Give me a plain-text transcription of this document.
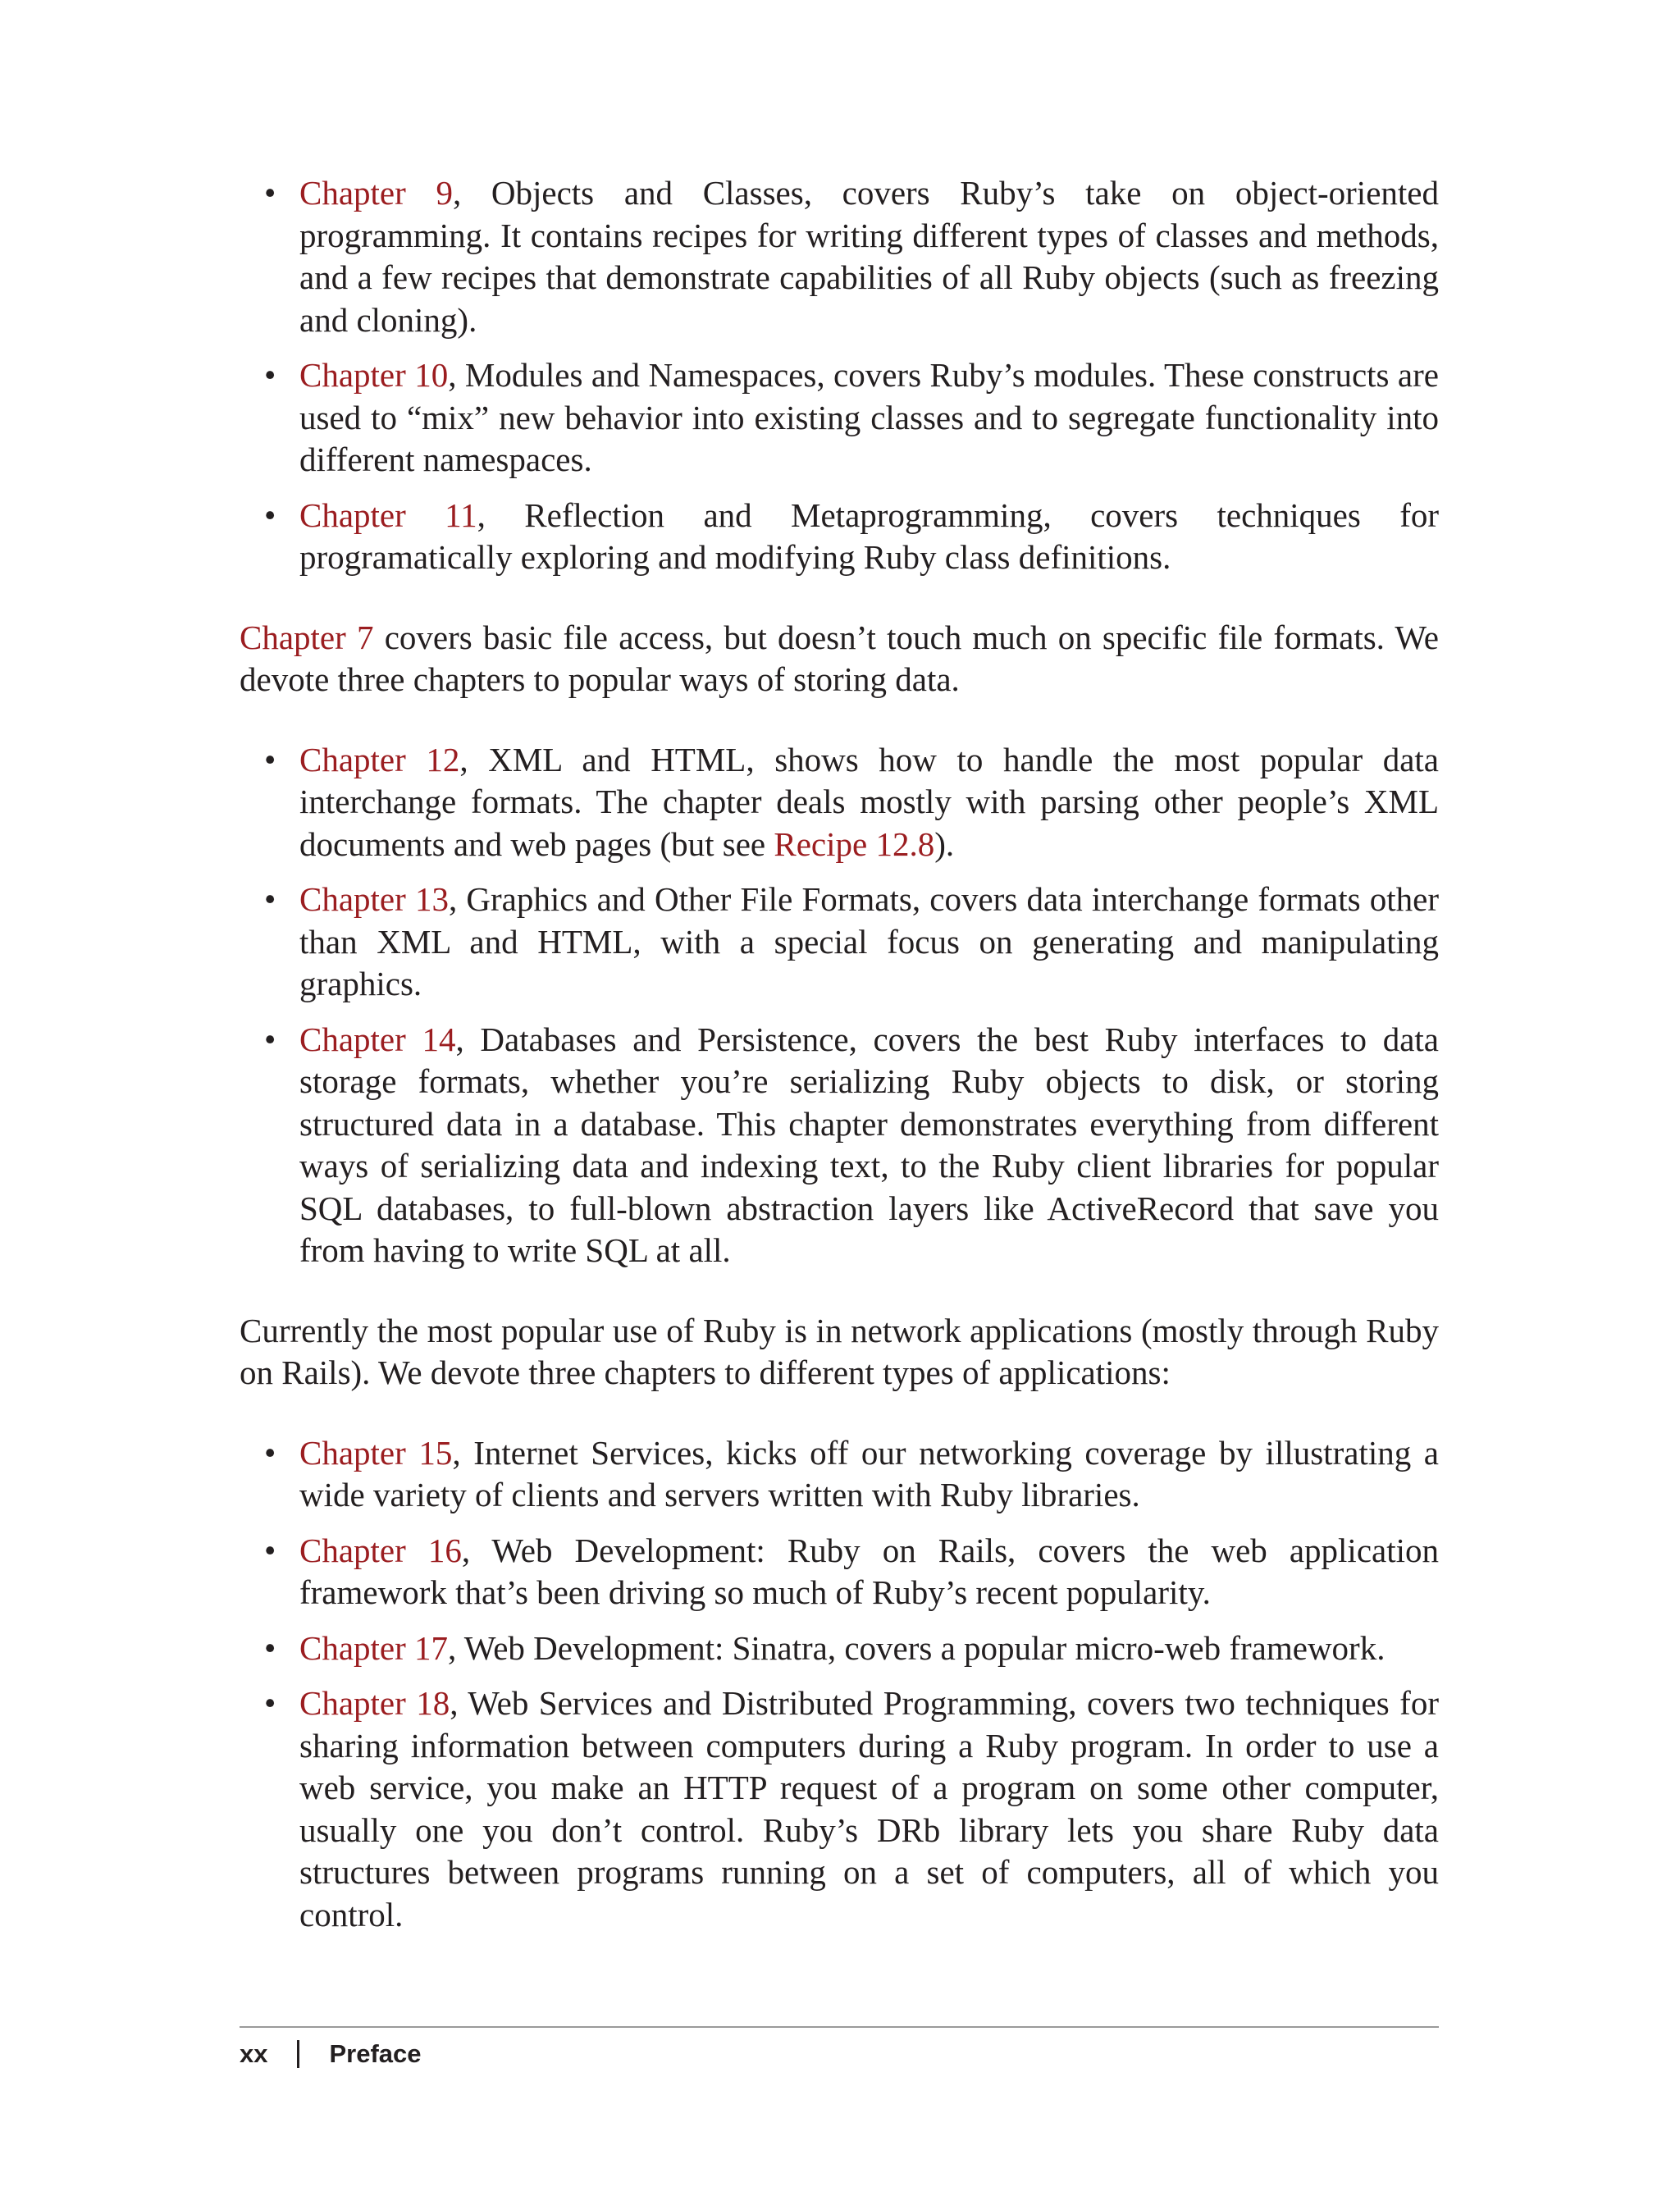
• Chapter 9, Objects and Classes, covers Ruby’s take on object-oriented programming. It contains recipes for writing different types of classes and methods, and a few recipes that demonstrate capabilities of all Ruby objects (such as freezing and cloning).
• Chapter 10, Modules and Namespaces, covers Ruby’s modules. These constructs are used to “mix” new behavior into existing classes and to segregate functionality into different namespaces.
• Chapter 11, Reflection and Metaprogramming, covers techniques for programatically exploring and modifying Ruby class definitions.

Chapter 7 covers basic file access, but doesn’t touch much on specific file formats. We devote three chapters to popular ways of storing data.

• Chapter 12, XML and HTML, shows how to handle the most popular data interchange formats. The chapter deals mostly with parsing other people’s XML documents and web pages (but see Recipe 12.8).
• Chapter 13, Graphics and Other File Formats, covers data interchange formats other than XML and HTML, with a special focus on generating and manipulating graphics.
• Chapter 14, Databases and Persistence, covers the best Ruby interfaces to data storage formats, whether you’re serializing Ruby objects to disk, or storing structured data in a database. This chapter demonstrates everything from different ways of serializing data and indexing text, to the Ruby client libraries for popular SQL databases, to full-blown abstraction layers like ActiveRecord that save you from having to write SQL at all.

Currently the most popular use of Ruby is in network applications (mostly through Ruby on Rails). We devote three chapters to different types of applications:

• Chapter 15, Internet Services, kicks off our networking coverage by illustrating a wide variety of clients and servers written with Ruby libraries.
• Chapter 16, Web Development: Ruby on Rails, covers the web application framework that’s been driving so much of Ruby’s recent popularity.
• Chapter 17, Web Development: Sinatra, covers a popular micro-web framework.
• Chapter 18, Web Services and Distributed Programming, covers two techniques for sharing information between computers during a Ruby program. In order to use a web service, you make an HTTP request of a program on some other computer, usually one you don’t control. Ruby’s DRb library lets you share Ruby data structures between programs running on a set of computers, all of which you control.
xx Preface
